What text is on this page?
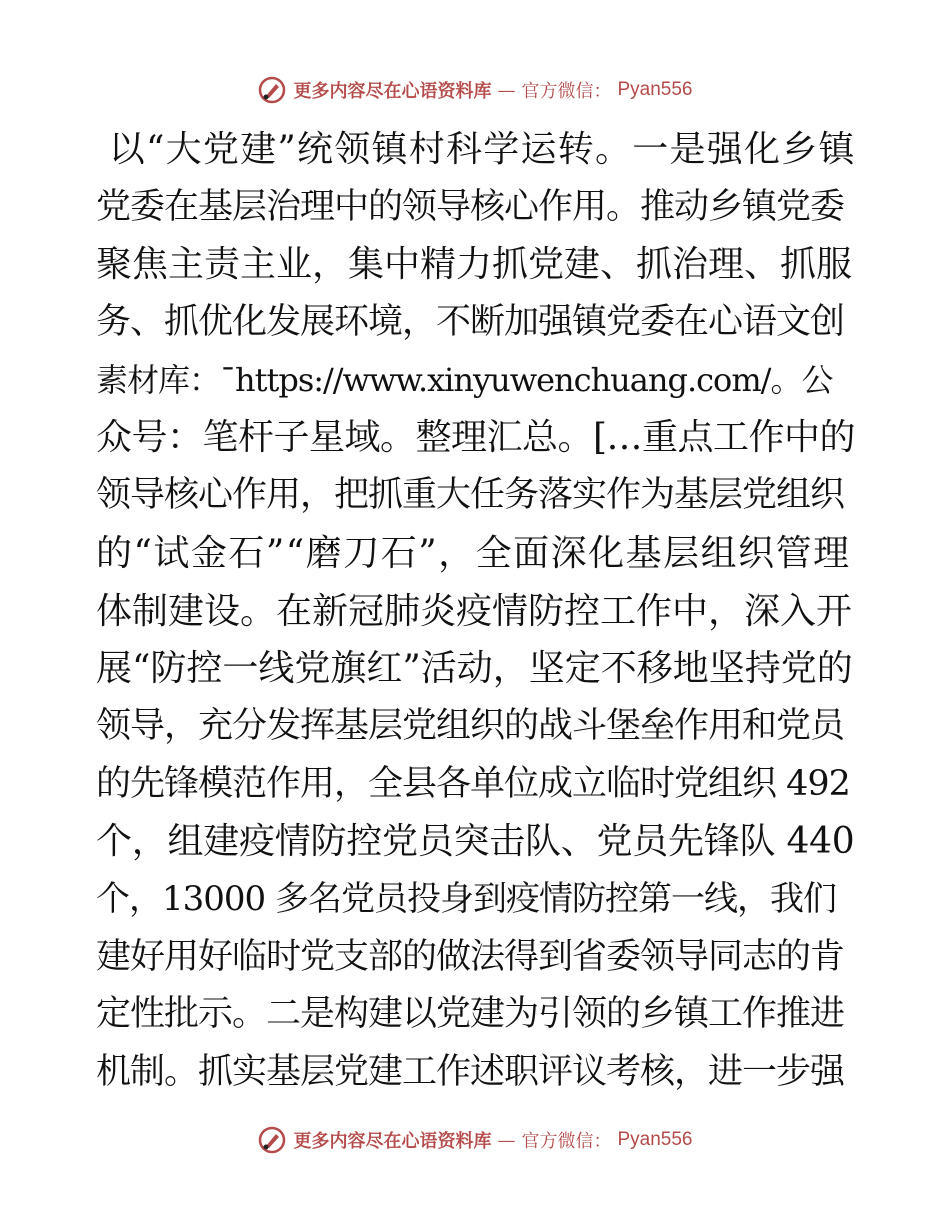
更多内容尽在心语资料库 — 官方微信： Pyan556
以“大党建”统领镇村科学运转。一是强化乡镇
党委在基层治理中的领导核心作用。推动乡镇党委
聚焦主责主业，集中精力抓党建、抓治理、抓服
务、抓优化发展环境，不断加强镇党委在心语文创
素材库：¯https://www.xinyuwenchuang.com/。公
众号：笔杆子星域。整理汇总。[…重点工作中的
领导核心作用，把抓重大任务落实作为基层党组织
的“试金石”“磨刀石”，全面深化基层组织管理
体制建设。在新冠肺炎疫情防控工作中，深入开
展“防控一线党旗红”活动，坚定不移地坚持党的
领导，充分发挥基层党组织的战斗堡垒作用和党员
的先锋模范作用，全县各单位成立临时党组织 492
个，组建疫情防控党员突击队、党员先锋队 440
个，13000 多名党员投身到疫情防控第一线，我们
建好用好临时党支部的做法得到省委领导同志的肯
定性批示。二是构建以党建为引领的乡镇工作推进
机制。抓实基层党建工作述职评议考核，进一步强
更多内容尽在心语资料库 — 官方微信： Pyan556
